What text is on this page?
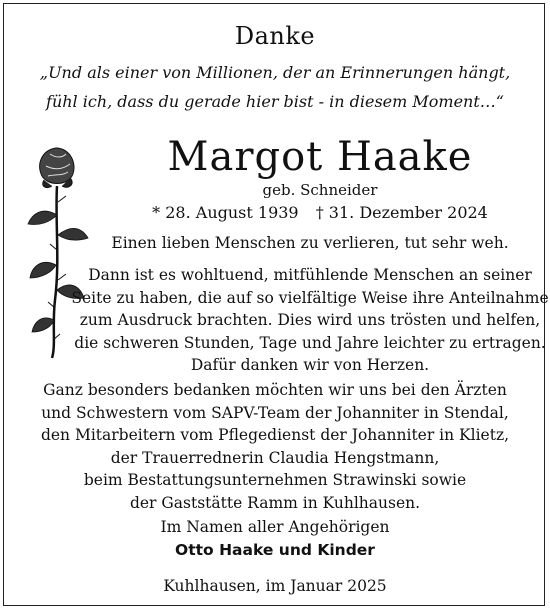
Danke
„Und als einer von Millionen, der an Erinnerungen hängt,
fühl ich, dass du gerade hier bist - in diesem Moment…“
Margot Haake
geb. Schneider
* 28. August 1939 † 31. Dezember 2024
Einen lieben Menschen zu verlieren, tut sehr weh.
Dann ist es wohltuend, mitfühlende Menschen an seiner
Seite zu haben, die auf so vielfältige Weise ihre Anteilnahme
zum Ausdruck brachten. Dies wird uns trösten und helfen,
die schweren Stunden, Tage und Jahre leichter zu ertragen.
Dafür danken wir von Herzen.
Ganz besonders bedanken möchten wir uns bei den Ärzten
und Schwestern vom SAPV-Team der Johanniter in Stendal,
den Mitarbeitern vom Pflegedienst der Johanniter in Klietz,
der Trauerrednerin Claudia Hengstmann,
beim Bestattungsunternehmen Strawinski sowie
der Gaststätte Ramm in Kuhlhausen.
Im Namen aller Angehörigen
Otto Haake und Kinder
Kuhlhausen, im Januar 2025
